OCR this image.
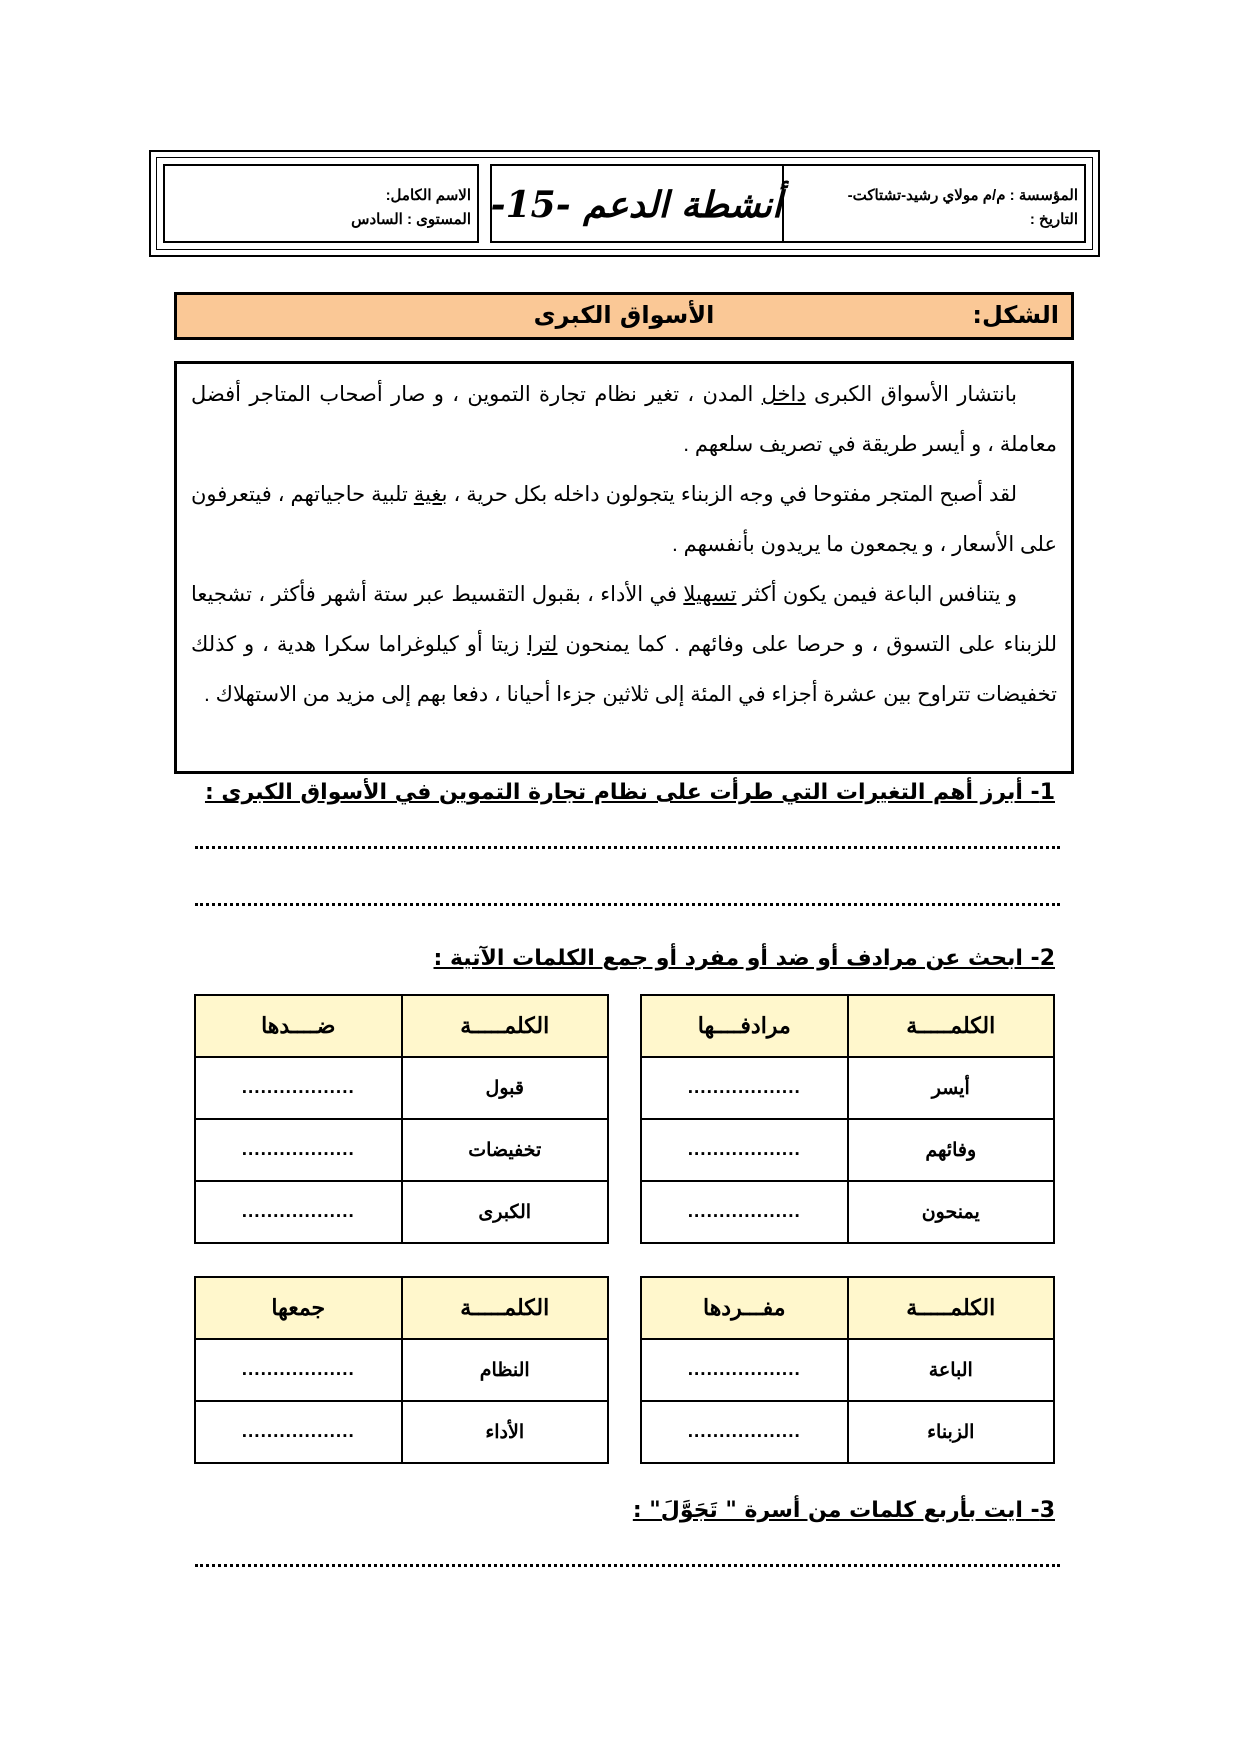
المؤسسة : م/م مولاي رشيد-تشتاكت-
التاريخ :
أنشطة الدعم -15-
الاسم الكامل:
المستوى : السادس
الشكل:
الأسواق الكبرى
بانتشار الأسواق الكبرى داخل المدن ، تغير نظام تجارة التموين ، و صار أصحاب المتاجر أفضل معاملة ، و أيسر طريقة في تصريف سلعهم .
لقد أصبح المتجر مفتوحا في وجه الزبناء يتجولون داخله بكل حرية ، بغية تلبية حاجياتهم ، فيتعرفون على الأسعار ، و يجمعون ما يريدون بأنفسهم .
و يتنافس الباعة فيمن يكون أكثر تسهيلا في الأداء ، بقبول التقسيط عبر ستة أشهر فأكثر ، تشجيعا للزبناء على التسوق ، و حرصا على وفائهم . كما يمنحون لترا زيتا أو كيلوغراما سكرا هدية ، و كذلك تخفيضات تتراوح بين عشرة أجزاء في المئة إلى ثلاثين جزءا أحيانا ، دفعا بهم إلى مزيد من الاستهلاك .
1- أبرز أهم التغيرات التي طرأت على نظام تجارة التموين في الأسواق الكبرى :
2- ابحث عن مرادف أو ضد أو مفرد أو جمع الكلمات الآتية :
الكلمـــــة	مرادفــــها
أيسر	..................
وفائهم	..................
يمنحون	..................
الكلمـــــة	ضــــدها
قبول	..................
تخفيضات	..................
الكبرى	..................
الكلمـــــة	مفـــردها
الباعة	..................
الزبناء	..................
الكلمـــــة	جمعها
النظام	..................
الأداء	..................
3- ايت بأربع كلمات من أسرة " تَجَوَّلَ" :
